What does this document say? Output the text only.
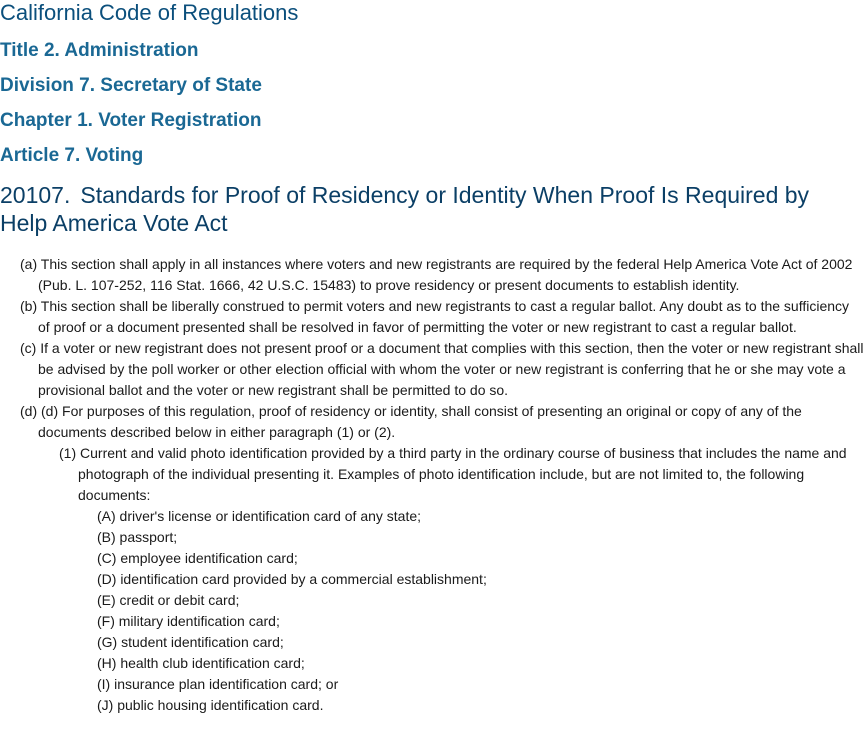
California Code of Regulations
Title 2. Administration
Division 7. Secretary of State
Chapter 1. Voter Registration
Article 7. Voting
20107. Standards for Proof of Residency or Identity When Proof Is Required by Help America Vote Act

(a) This section shall apply in all instances where voters and new registrants are required by the federal Help America Vote Act of 2002 (Pub. L. 107-252, 116 Stat. 1666, 42 U.S.C. 15483) to prove residency or present documents to establish identity.

(b) This section shall be liberally construed to permit voters and new registrants to cast a regular ballot. Any doubt as to the sufficiency of proof or a document presented shall be resolved in favor of permitting the voter or new registrant to cast a regular ballot.

(c) If a voter or new registrant does not present proof or a document that complies with this section, then the voter or new registrant shall be advised by the poll worker or other election official with whom the voter or new registrant is conferring that he or she may vote a provisional ballot and the voter or new registrant shall be permitted to do so.

(d) (d) For purposes of this regulation, proof of residency or identity, shall consist of presenting an original or copy of any of the documents described below in either paragraph (1) or (2).

(1) Current and valid photo identification provided by a third party in the ordinary course of business that includes the name and photograph of the individual presenting it. Examples of photo identification include, but are not limited to, the following documents:

(A) driver's license or identification card of any state;

(B) passport;

(C) employee identification card;

(D) identification card provided by a commercial establishment;

(E) credit or debit card;

(F) military identification card;

(G) student identification card;

(H) health club identification card;

(I) insurance plan identification card; or

(J) public housing identification card.
